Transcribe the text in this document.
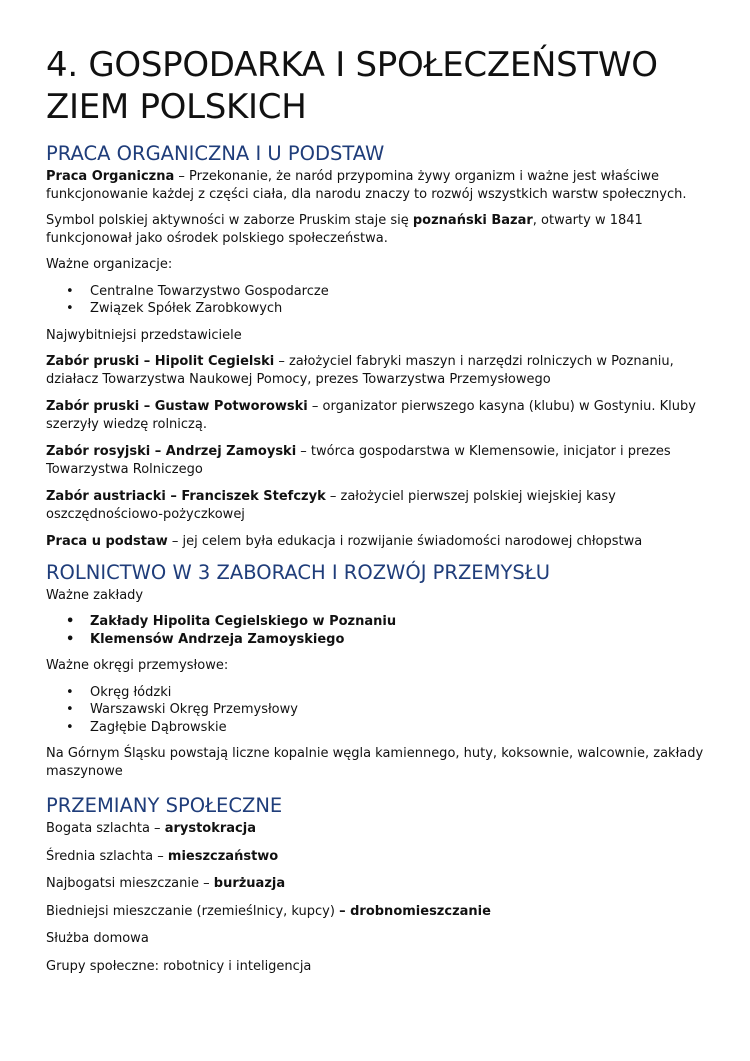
4. GOSPODARKA I SPOŁECZEŃSTWO
ZIEM POLSKICH
PRACA ORGANICZNA I U PODSTAW

Praca Organiczna – Przekonanie, że naród przypomina żywy organizm i ważne jest właściwe funkcjonowanie każdej z części ciała, dla narodu znaczy to rozwój wszystkich warstw społecznych.

Symbol polskiej aktywności w zaborze Pruskim staje się poznański Bazar, otwarty w 1841 funkcjonował jako ośrodek polskiego społeczeństwa.

Ważne organizacje:

• Centralne Towarzystwo Gospodarcze
• Związek Spółek Zarobkowych

Najwybitniejsi przedstawiciele

Zabór pruski – Hipolit Cegielski – założyciel fabryki maszyn i narzędzi rolniczych w Poznaniu, działacz Towarzystwa Naukowej Pomocy, prezes Towarzystwa Przemysłowego

Zabór pruski – Gustaw Potworowski – organizator pierwszego kasyna (klubu) w Gostyniu. Kluby szerzyły wiedzę rolniczą.

Zabór rosyjski – Andrzej Zamoyski – twórca gospodarstwa w Klemensowie, inicjator i prezes Towarzystwa Rolniczego

Zabór austriacki – Franciszek Stefczyk – założyciel pierwszej polskiej wiejskiej kasy oszczędnościowo-pożyczkowej

Praca u podstaw – jej celem była edukacja i rozwijanie świadomości narodowej chłopstwa

ROLNICTWO W 3 ZABORACH I ROZWÓJ PRZEMYSŁU

Ważne zakłady

• Zakłady Hipolita Cegielskiego w Poznaniu
• Klemensów Andrzeja Zamoyskiego

Ważne okręgi przemysłowe:

• Okręg łódzki
• Warszawski Okręg Przemysłowy
• Zagłębie Dąbrowskie

Na Górnym Śląsku powstają liczne kopalnie węgla kamiennego, huty, koksownie, walcownie, zakłady maszynowe

PRZEMIANY SPOŁECZNE

Bogata szlachta – arystokracja

Średnia szlachta – mieszczaństwo

Najbogatsi mieszczanie – burżuazja

Biedniejsi mieszczanie (rzemieślnicy, kupcy) – drobnomieszczanie

Służba domowa

Grupy społeczne: robotnicy i inteligencja
